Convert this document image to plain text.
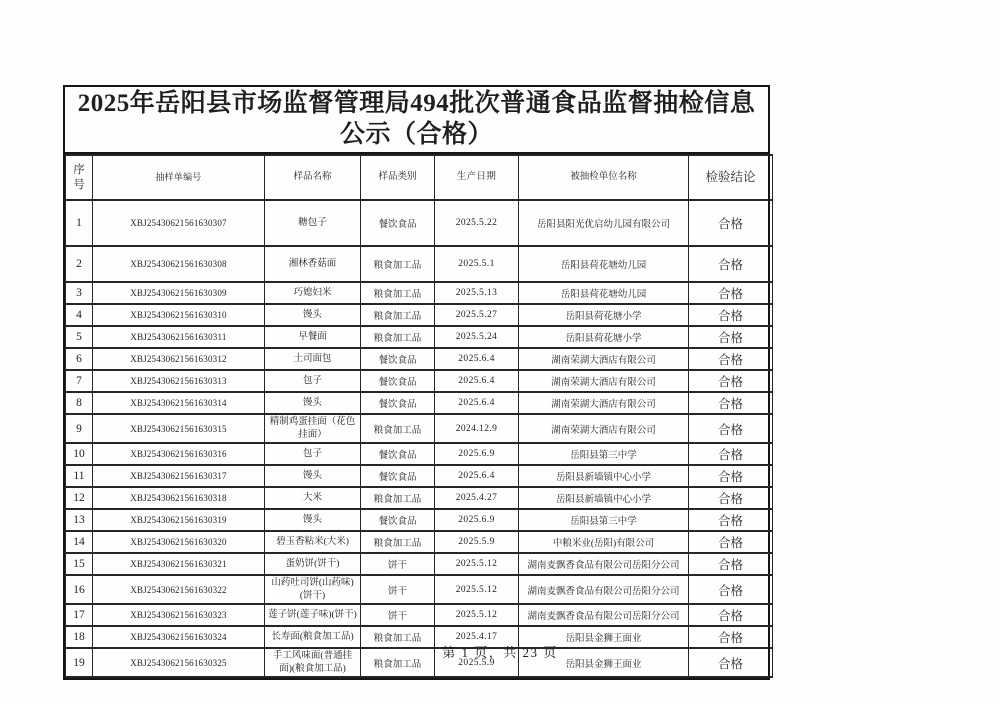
2025年岳阳县市场监督管理局494批次普通食品监督抽检信息
公示（合格）
序号	抽样单编号	样品名称	样品类别	生产日期	被抽检单位名称	检验结论
1	XBJ25430621561630307	糖包子	餐饮食品	2025.5.22	岳阳县阳光优启幼儿园有限公司	合格
2	XBJ25430621561630308	湘林香菇面	粮食加工品	2025.5.1	岳阳县荷花塘幼儿园	合格
3	XBJ25430621561630309	巧媳妇米	粮食加工品	2025.5.13	岳阳县荷花塘幼儿园	合格
4	XBJ25430621561630310	馒头	粮食加工品	2025.5.27	岳阳县荷花塘小学	合格
5	XBJ25430621561630311	早餐面	粮食加工品	2025.5.24	岳阳县荷花塘小学	合格
6	XBJ25430621561630312	土司面包	餐饮食品	2025.6.4	湖南荣湖大酒店有限公司	合格
7	XBJ25430621561630313	包子	餐饮食品	2025.6.4	湖南荣湖大酒店有限公司	合格
8	XBJ25430621561630314	馒头	餐饮食品	2025.6.4	湖南荣湖大酒店有限公司	合格
9	XBJ25430621561630315	精制鸡蛋挂面（花色挂面）	粮食加工品	2024.12.9	湖南荣湖大酒店有限公司	合格
10	XBJ25430621561630316	包子	餐饮食品	2025.6.9	岳阳县第三中学	合格
11	XBJ25430621561630317	馒头	餐饮食品	2025.6.4	岳阳县新墙镇中心小学	合格
12	XBJ25430621561630318	大米	粮食加工品	2025.4.27	岳阳县新墙镇中心小学	合格
13	XBJ25430621561630319	馒头	餐饮食品	2025.6.9	岳阳县第三中学	合格
14	XBJ25430621561630320	碧玉香粘米(大米)	粮食加工品	2025.5.9	中粮米业(岳阳)有限公司	合格
15	XBJ25430621561630321	蛋奶饼(饼干)	饼干	2025.5.12	湖南麦飘香食品有限公司岳阳分公司	合格
16	XBJ25430621561630322	山药吐司饼(山药味)(饼干)	饼干	2025.5.12	湖南麦飘香食品有限公司岳阳分公司	合格
17	XBJ25430621561630323	莲子饼(莲子味)(饼干)	饼干	2025.5.12	湖南麦飘香食品有限公司岳阳分公司	合格
18	XBJ25430621561630324	长寿面(粮食加工品)	粮食加工品	2025.4.17	岳阳县金狮王面业	合格
19	XBJ25430621561630325	手工风味面(普通挂面)(粮食加工品)	粮食加工品	2025.5.9	岳阳县金狮王面业	合格
第 1 页，共 23 页
